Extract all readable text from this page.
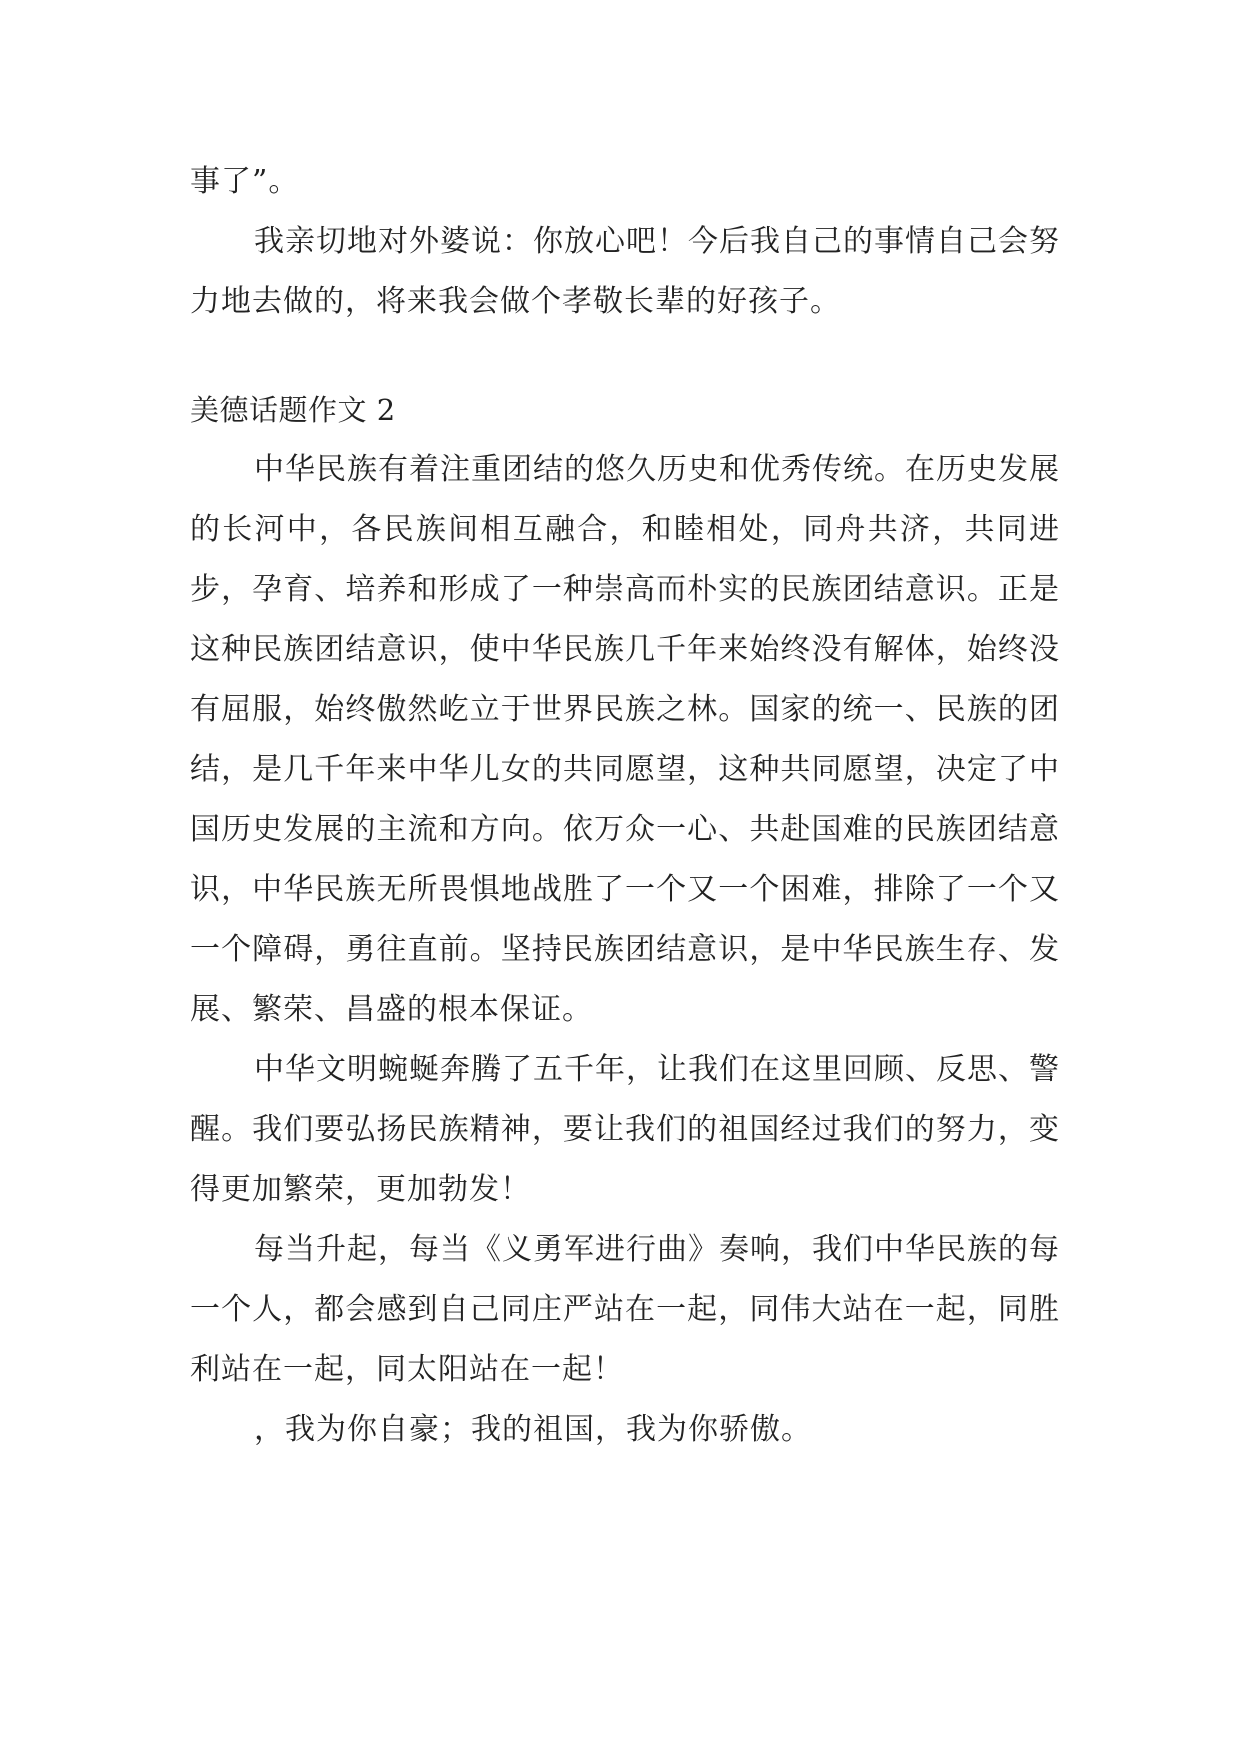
事了”。

我亲切地对外婆说：你放心吧！今后我自己的事情自己会努力地去做的，将来我会做个孝敬长辈的好孩子。

美德话题作文 2

中华民族有着注重团结的悠久历史和优秀传统。在历史发展的长河中，各民族间相互融合，和睦相处，同舟共济，共同进步，孕育、培养和形成了一种崇高而朴实的民族团结意识。正是这种民族团结意识，使中华民族几千年来始终没有解体，始终没有屈服，始终傲然屹立于世界民族之林。国家的统一、民族的团结，是几千年来中华儿女的共同愿望，这种共同愿望，决定了中国历史发展的主流和方向。依万众一心、共赴国难的民族团结意识，中华民族无所畏惧地战胜了一个又一个困难，排除了一个又一个障碍，勇往直前。坚持民族团结意识，是中华民族生存、发展、繁荣、昌盛的根本保证。

中华文明蜿蜒奔腾了五千年，让我们在这里回顾、反思、警醒。我们要弘扬民族精神，要让我们的祖国经过我们的努力，变得更加繁荣，更加勃发！

每当升起，每当《义勇军进行曲》奏响，我们中华民族的每一个人，都会感到自己同庄严站在一起，同伟大站在一起，同胜利站在一起，同太阳站在一起！

，我为你自豪；我的祖国，我为你骄傲。
